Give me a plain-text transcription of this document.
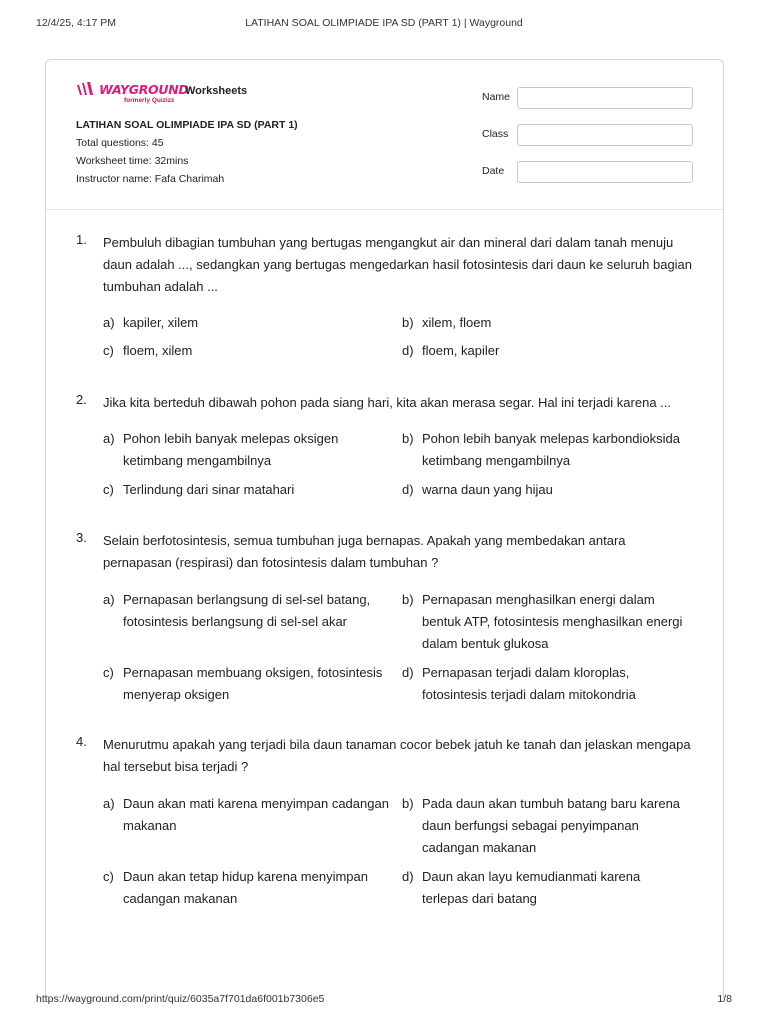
12/4/25, 4:17 PM	LATIHAN SOAL OLIMPIADE IPA SD (PART 1) | Wayground
WAYGROUND
formerly Quizizz
Worksheets
LATIHAN SOAL OLIMPIADE IPA SD (PART 1)
Total questions: 45
Worksheet time: 32mins
Instructor name: Fafa Charimah
Name
Class
Date
1.	Pembuluh dibagian tumbuhan yang bertugas mengangkut air dan mineral dari dalam tanah menuju daun adalah ..., sedangkan yang bertugas mengedarkan hasil fotosintesis dari daun ke seluruh bagian tumbuhan adalah ...
a) kapiler, xilem	b) xilem, floem
c) floem, xilem	d) floem, kapiler
2.	Jika kita berteduh dibawah pohon pada siang hari, kita akan merasa segar. Hal ini terjadi karena ...
a) Pohon lebih banyak melepas oksigen ketimbang mengambilnya
b) Pohon lebih banyak melepas karbondioksida ketimbang mengambilnya
c) Terlindung dari sinar matahari	d) warna daun yang hijau
3.	Selain berfotosintesis, semua tumbuhan juga bernapas. Apakah yang membedakan antara pernapasan (respirasi) dan fotosintesis dalam tumbuhan ?
a) Pernapasan berlangsung di sel-sel batang, fotosintesis berlangsung di sel-sel akar
b) Pernapasan menghasilkan energi dalam bentuk ATP, fotosintesis menghasilkan energi dalam bentuk glukosa
c) Pernapasan membuang oksigen, fotosintesis menyerap oksigen
d) Pernapasan terjadi dalam kloroplas, fotosintesis terjadi dalam mitokondria
4.	Menurutmu apakah yang terjadi bila daun tanaman cocor bebek jatuh ke tanah dan jelaskan mengapa hal tersebut bisa terjadi ?
a) Daun akan mati karena menyimpan cadangan makanan
b) Pada daun akan tumbuh batang baru karena daun berfungsi sebagai penyimpanan cadangan makanan
c) Daun akan tetap hidup karena menyimpan cadangan makanan
d) Daun akan layu kemudianmati karena terlepas dari batang
https://wayground.com/print/quiz/6035a7f701da6f001b7306e5	1/8
